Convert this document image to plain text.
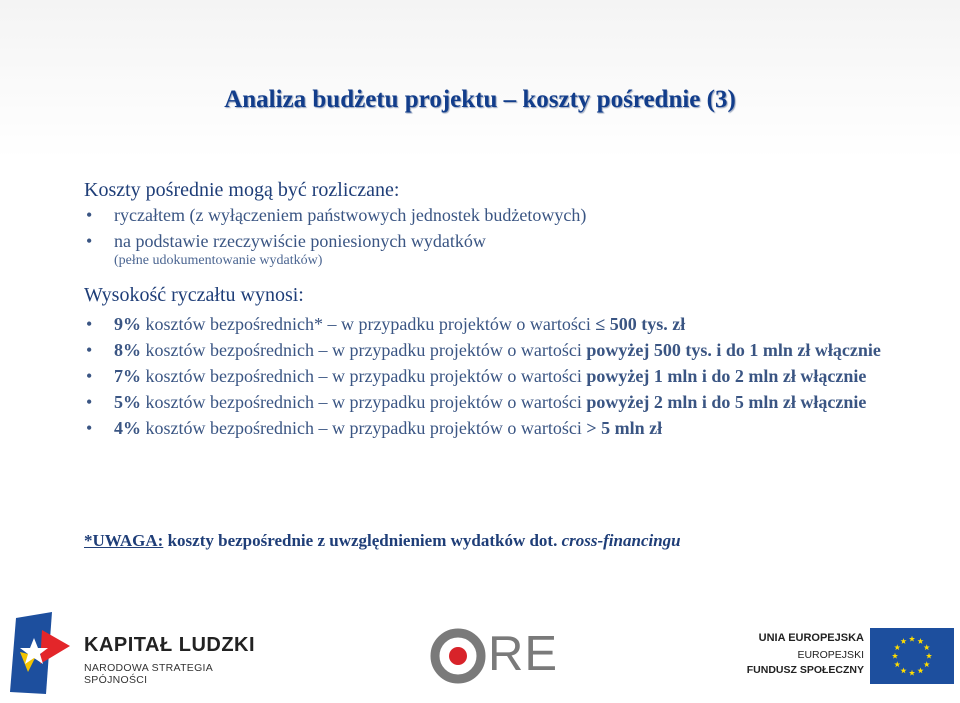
Analiza budżetu projektu – koszty pośrednie (3)
Koszty pośrednie mogą być rozliczane:
• ryczałtem (z wyłączeniem państwowych jednostek budżetowych)
• na podstawie rzeczywiście poniesionych wydatków
(pełne udokumentowanie wydatków)
Wysokość ryczałtu wynosi:
• 9% kosztów bezpośrednich* – w przypadku projektów o wartości ≤ 500 tys. zł
• 8% kosztów bezpośrednich – w przypadku projektów o wartości powyżej 500 tys. i do 1 mln zł włącznie
• 7% kosztów bezpośrednich – w przypadku projektów o wartości powyżej 1 mln i do 2 mln zł włącznie
• 5% kosztów bezpośrednich – w przypadku projektów o wartości powyżej 2 mln i do 5 mln zł włącznie
• 4% kosztów bezpośrednich – w przypadku projektów o wartości > 5 mln zł
*UWAGA: koszty bezpośrednie z uwzględnieniem wydatków dot. cross-financingu
KAPITAŁ LUDZKI
NARODOWA STRATEGIA SPÓJNOŚCI	RE	UNIA EUROPEJSKA
EUROPEJSKI
FUNDUSZ SPOŁECZNY
